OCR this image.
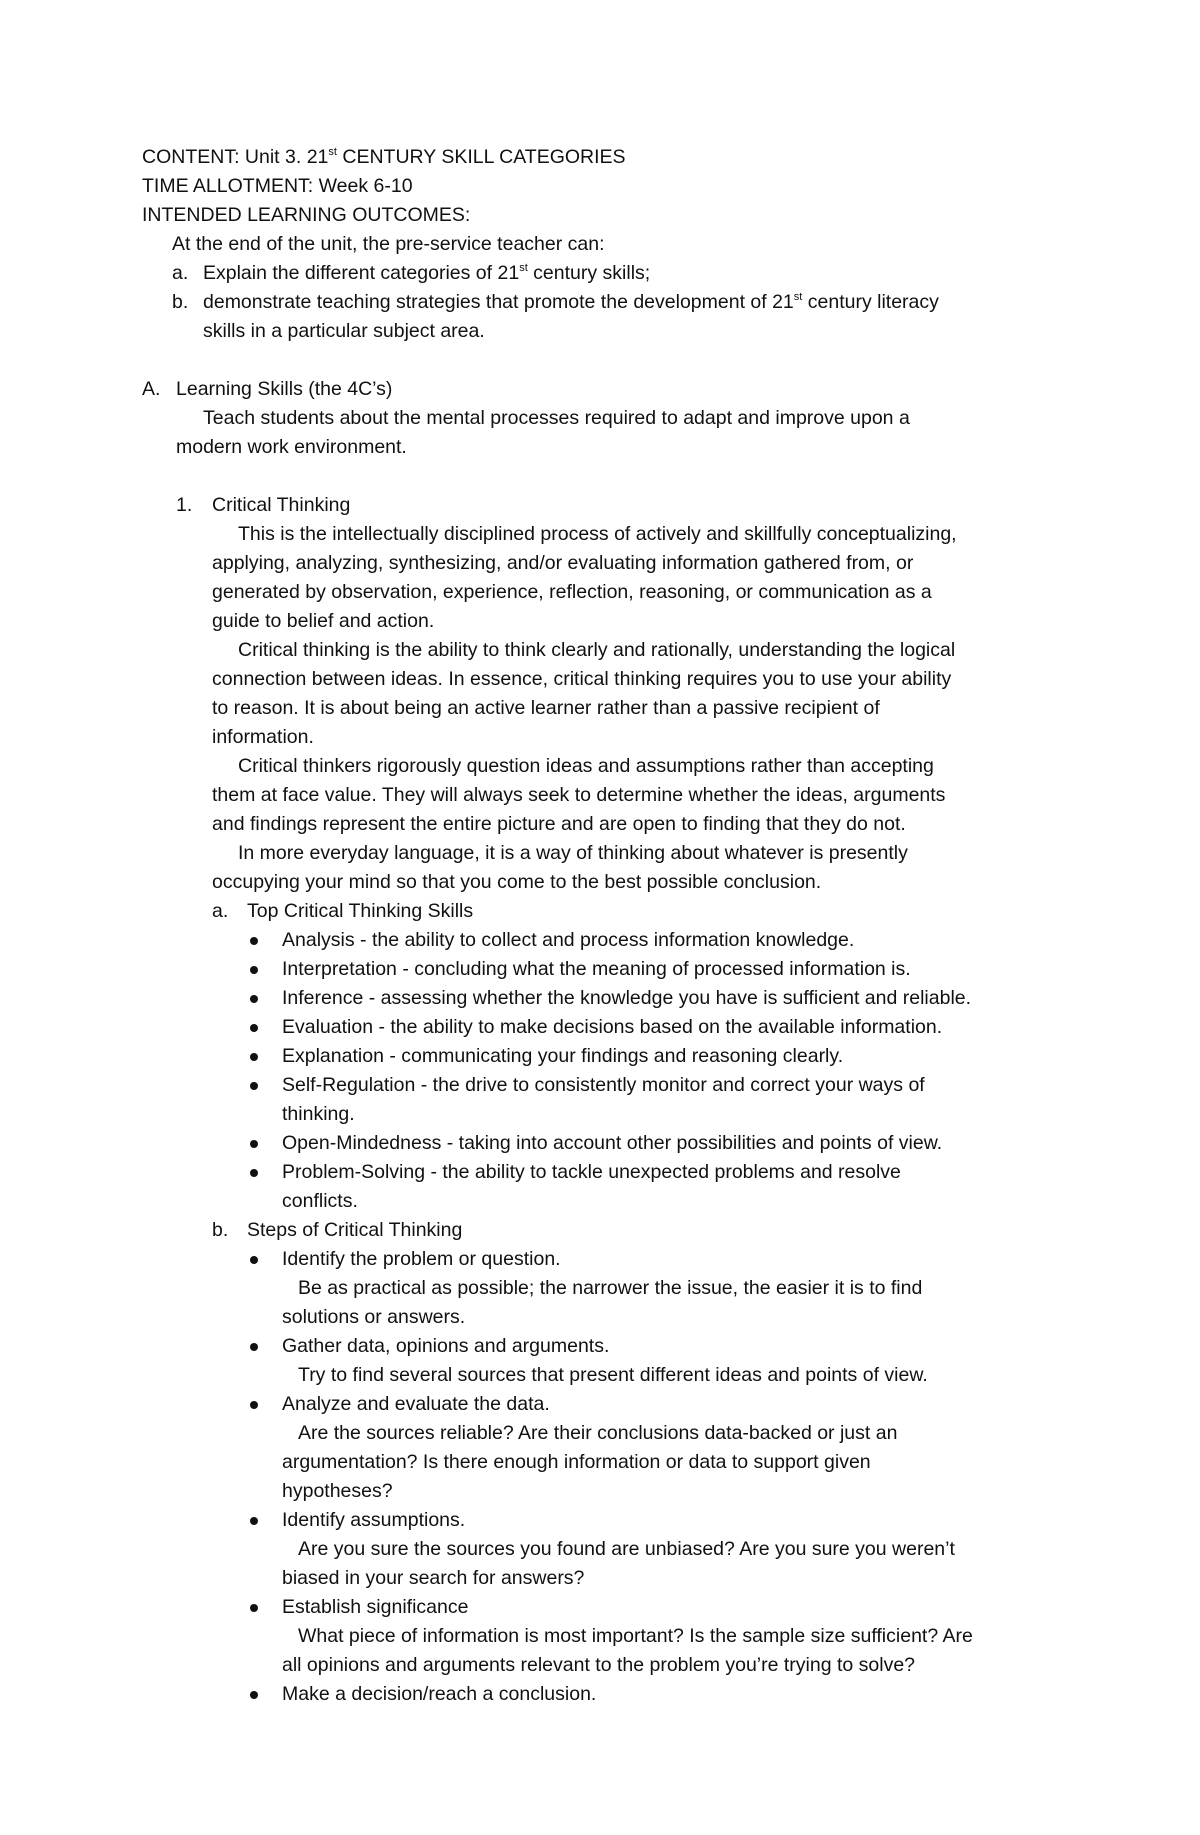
CONTENT: Unit 3. 21st CENTURY SKILL CATEGORIES
TIME ALLOTMENT: Week 6-10
INTENDED LEARNING OUTCOMES:
At the end of the unit, the pre-service teacher can:
a. Explain the different categories of 21st century skills;
b. demonstrate teaching strategies that promote the development of 21st century literacy
skills in a particular subject area.
A. Learning Skills (the 4C’s)
Teach students about the mental processes required to adapt and improve upon a
modern work environment.
1. Critical Thinking
This is the intellectually disciplined process of actively and skillfully conceptualizing,
applying, analyzing, synthesizing, and/or evaluating information gathered from, or
generated by observation, experience, reflection, reasoning, or communication as a
guide to belief and action.
Critical thinking is the ability to think clearly and rationally, understanding the logical
connection between ideas. In essence, critical thinking requires you to use your ability
to reason. It is about being an active learner rather than a passive recipient of
information.
Critical thinkers rigorously question ideas and assumptions rather than accepting
them at face value. They will always seek to determine whether the ideas, arguments
and findings represent the entire picture and are open to finding that they do not.
In more everyday language, it is a way of thinking about whatever is presently
occupying your mind so that you come to the best possible conclusion.
a. Top Critical Thinking Skills
Analysis - the ability to collect and process information knowledge.
Interpretation - concluding what the meaning of processed information is.
Inference - assessing whether the knowledge you have is sufficient and reliable.
Evaluation - the ability to make decisions based on the available information.
Explanation - communicating your findings and reasoning clearly.
Self-Regulation - the drive to consistently monitor and correct your ways of
thinking.
Open-Mindedness - taking into account other possibilities and points of view.
Problem-Solving - the ability to tackle unexpected problems and resolve
conflicts.
b. Steps of Critical Thinking
Identify the problem or question.
Be as practical as possible; the narrower the issue, the easier it is to find
solutions or answers.
Gather data, opinions and arguments.
Try to find several sources that present different ideas and points of view.
Analyze and evaluate the data.
Are the sources reliable? Are their conclusions data-backed or just an
argumentation? Is there enough information or data to support given
hypotheses?
Identify assumptions.
Are you sure the sources you found are unbiased? Are you sure you weren’t
biased in your search for answers?
Establish significance
What piece of information is most important? Is the sample size sufficient? Are
all opinions and arguments relevant to the problem you’re trying to solve?
Make a decision/reach a conclusion.
